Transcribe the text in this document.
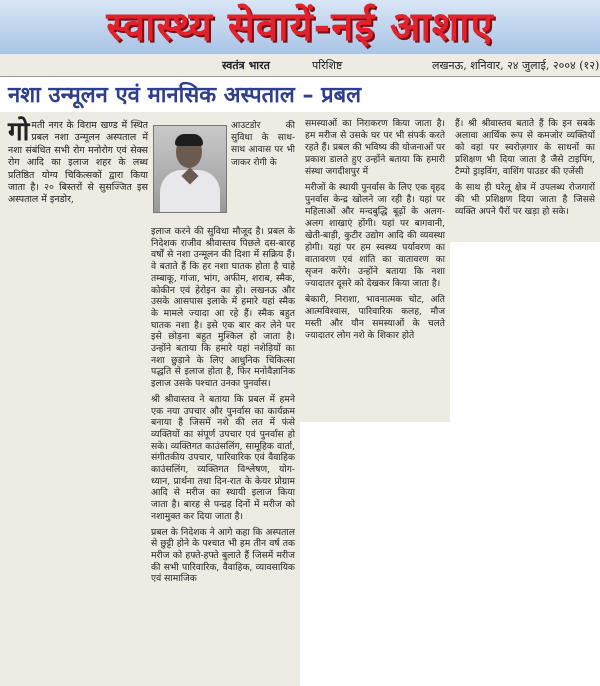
स्वास्थ्य सेवायें-नई आशाए
स्वतंत्र भारत	परिशिष्ट	लखनऊ, शनिवार, २४ जुलाई, २००४ (१२)
नशा उन्मूलन एवं मानसिक अस्पताल – प्रबल
गोमती नगर के विराम खण्ड में स्थित प्रबल नशा उन्मूलन अस्पताल में नशा संबंधित सभी रोग मनोरोग एवं सेक्स रोग आदि का इलाज शहर के लब्ध प्रतिष्ठित योग्य चिकित्सकों द्वारा किया जाता है। २० बिस्तरों से सुसज्जित इस अस्पताल में इनडोर,
आउटडोर की सुविधा के साथ-साथ आवास पर भी जाकर रोगी के

इलाज करने की सुविधा मौजूद है। प्रबल के निदेशक राजीव श्रीवास्तव पिछले दस-बारह वर्षों से नशा उन्मूलन की दिशा में सक्रिय हैं। वे बताते हैं कि हर नशा घातक होता है चाहे तम्बाकू, गांजा, भांग, अफीम, शराब, स्मैक, कोकीन एवं हेरोइन का हो। लखनऊ और उसके आसपास इलाके में हमारे यहां स्मैक के मामले ज्यादा आ रहे हैं। स्मैक बहुत घातक नशा है। इसे एक बार कर लेने पर इसे छोड़ना बहुत मुश्किल हो जाता है। उन्होंने बताया कि हमारे यहां नशेड़ियों का नशा छुड़ाने के लिए आधुनिक चिकित्सा पद्धति से इलाज होता है, फिर मनोवैज्ञानिक इलाज उसके पश्चात उनका पुनर्वास।

श्री श्रीवास्तव ने बताया कि प्रबल में हमने एक नया उपचार और पुनर्वास का कार्यक्रम बनाया है जिसमें नशे की लत में फंसे व्यक्तियों का संपूर्ण उपचार एवं पुनर्वास हो सके। व्यक्तिगत काउंसलिंग, सामूहिक वार्ता, संगीतकीय उपचार, पारिवारिक एवं वैवाहिक काउंसलिंग, व्यक्तिगत विश्लेषण, योग-ध्यान, प्रार्थना तथा दिन-रात के केयर प्रोग्राम आदि से मरीज का स्थायी इलाज किया जाता है। बारह से पन्द्रह दिनों में मरीज को नशामुक्त कर दिया जाता है।

प्रबल के निदेशक ने आगे कहा कि अस्पताल से छुट्टी होने के पश्चात भी हम तीन वर्ष तक मरीज को हफ्ते-हफ्ते बुलाते हैं जिसमें मरीज की सभी पारिवारिक, वैवाहिक, व्यावसायिक एवं सामाजिक

समस्याओं का निराकरण किया जाता है। हम मरीज से उसके घर पर भी संपर्क करते रहते हैं। प्रबल की भविष्य की योजनाओं पर प्रकाश डालते हुए उन्होंने बताया कि हमारी संस्था जगदीशपुर में

मरीजों के स्थायी पुनर्वास के लिए एक वृहद पुनर्वास केन्द्र खोलने जा रही है। यहां पर महिलाओं और मन्दबुद्धि बूढ़ों के अलग-अलग शाखाएं होंगी। यहां पर बागवानी, खेती-बाड़ी, कुटीर उद्योग आदि की व्यवस्था होगी। यहां पर हम स्वस्थ्य पर्यावरण का वातावरण एवं शांति का वातावरण का सृजन करेंगे। उन्होंने बताया कि नशा ज्यादातर दूसरे को देखकर किया जाता है।

बेकारी, निराशा, भावनात्मक चोट, अति आत्मविश्वास, पारिवारिक कलह, मौज मस्ती और यौन समस्याओं के चलते ज्यादातर लोग नशे के शिकार होते

हैं। श्री श्रीवास्तव बताते हैं कि इन सबके अलावा आर्थिक रूप से कमजोर व्यक्तियों को वहां पर स्वरोज़गार के साधनों का प्रशिक्षण भी दिया जाता है जैसे टाइपिंग, टैम्पो ड्राइविंग, वाशिंग पाउडर की एजेंसी

के साथ ही घरेलू क्षेत्र में उपलब्ध रोजगारों की भी प्रशिक्षण दिया जाता है जिससे व्यक्ति अपने पैरों पर खड़ा हो सके।
